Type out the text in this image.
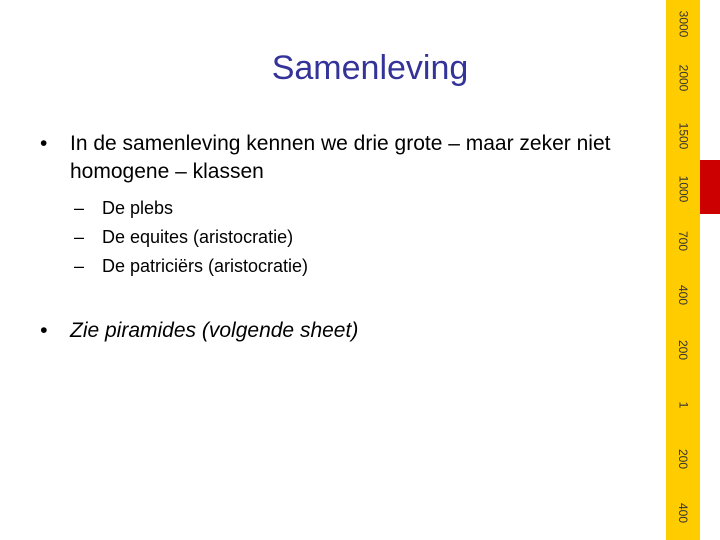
Samenleving
• In de samenleving kennen we drie grote – maar zeker niet homogene – klassen
– De plebs
– De equites (aristocratie)
– De patriciërs (aristocratie)
• Zie piramides (volgende sheet)
3000
2000
1500
1000
700
400
200
1
200
400
